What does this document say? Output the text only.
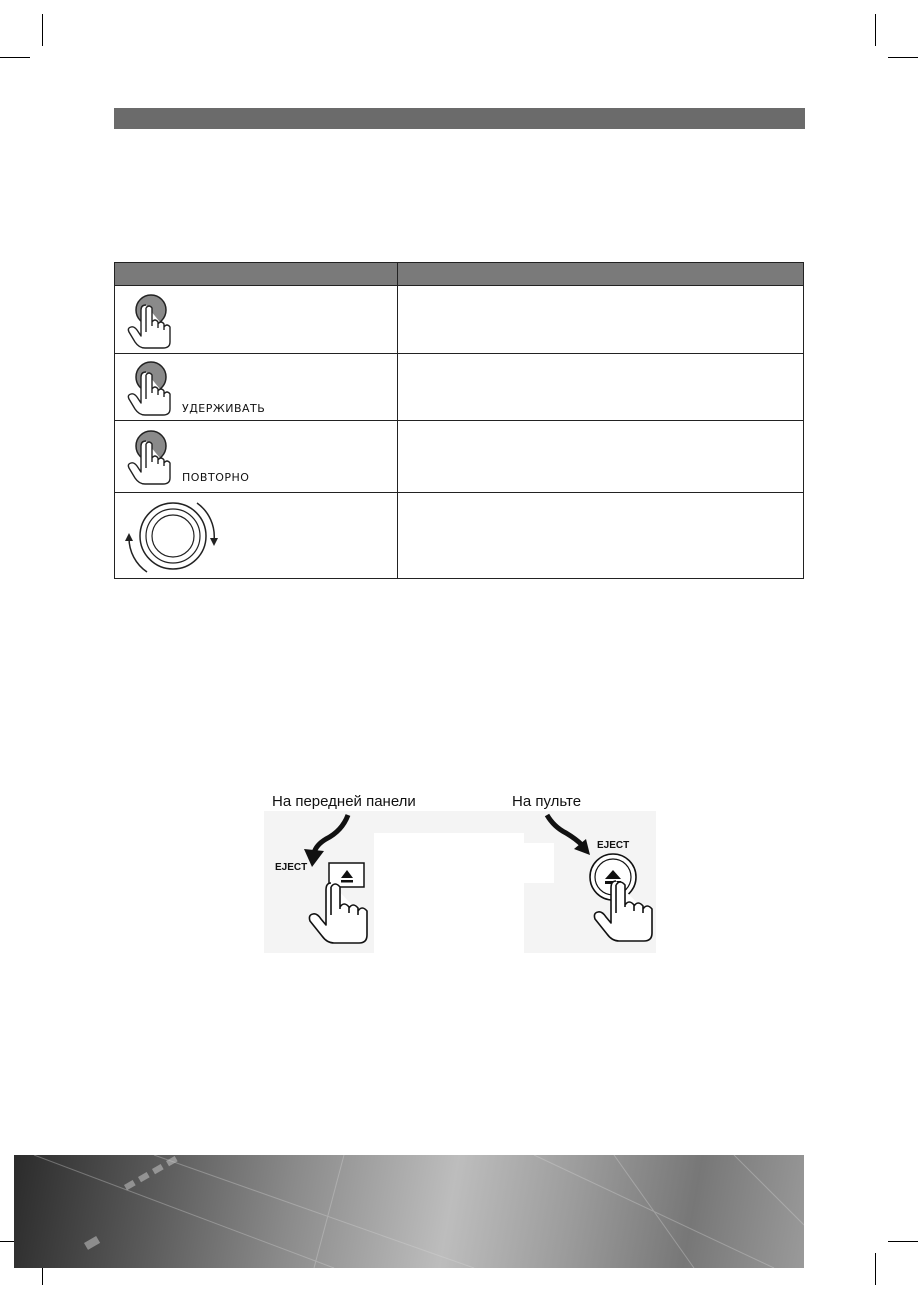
УДЕРЖИВАТЬ	

ПОВТОРНО	

На передней панели	На пульте
EJECT
EJECT
